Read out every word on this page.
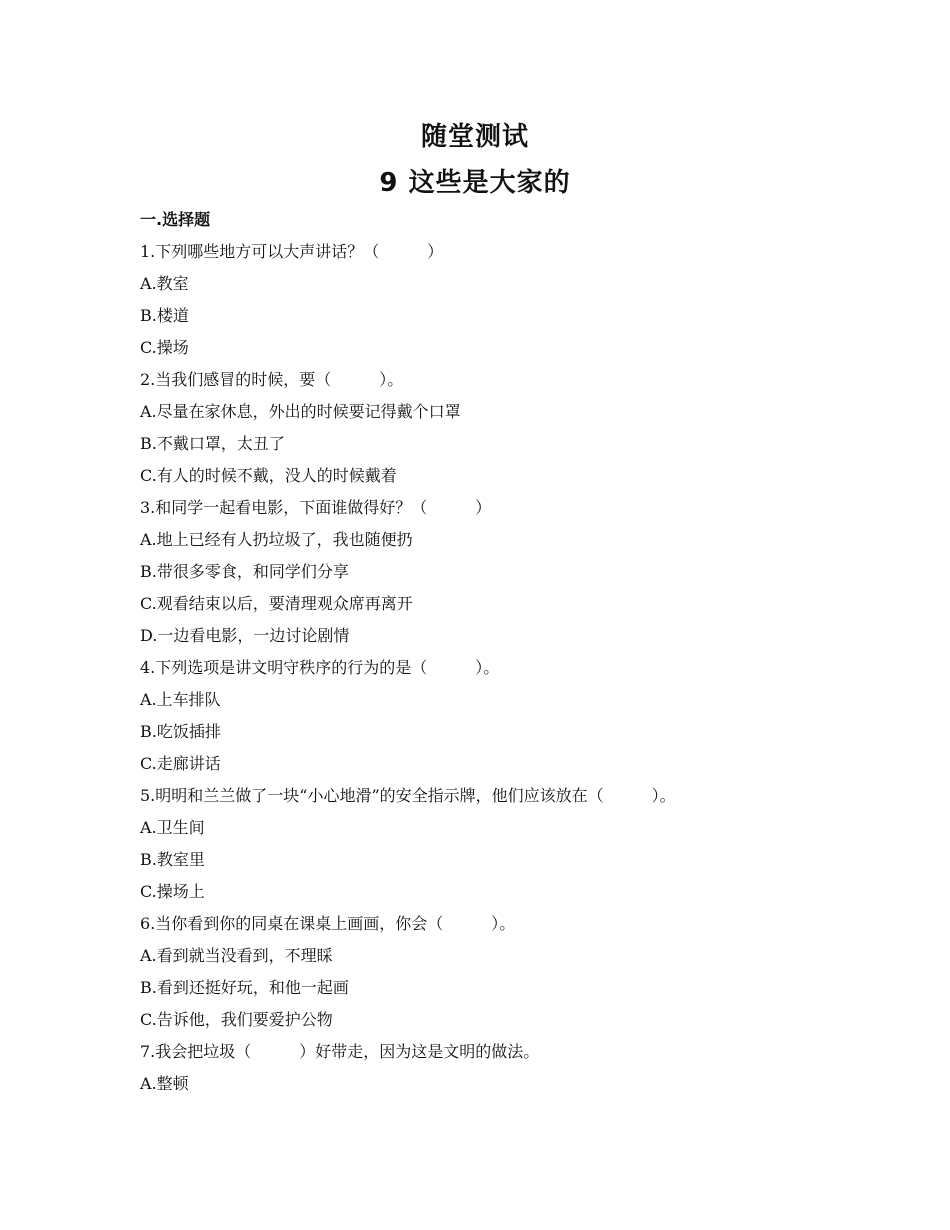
随堂测试
9 这些是大家的
一.选择题
1.下列哪些地方可以大声讲话？（　　　）
A.教室
B.楼道
C.操场
2.当我们感冒的时候，要（　　　）。
A.尽量在家休息，外出的时候要记得戴个口罩
B.不戴口罩，太丑了
C.有人的时候不戴，没人的时候戴着
3.和同学一起看电影，下面谁做得好？（　　　）
A.地上已经有人扔垃圾了，我也随便扔
B.带很多零食，和同学们分享
C.观看结束以后，要清理观众席再离开
D.一边看电影，一边讨论剧情
4.下列选项是讲文明守秩序的行为的是（　　　）。
A.上车排队
B.吃饭插排
C.走廊讲话
5.明明和兰兰做了一块“小心地滑”的安全指示牌，他们应该放在（　　　）。
A.卫生间
B.教室里
C.操场上
6.当你看到你的同桌在课桌上画画，你会（　　　）。
A.看到就当没看到，不理睬
B.看到还挺好玩，和他一起画
C.告诉他，我们要爱护公物
7.我会把垃圾（　　　）好带走，因为这是文明的做法。
A.整顿
